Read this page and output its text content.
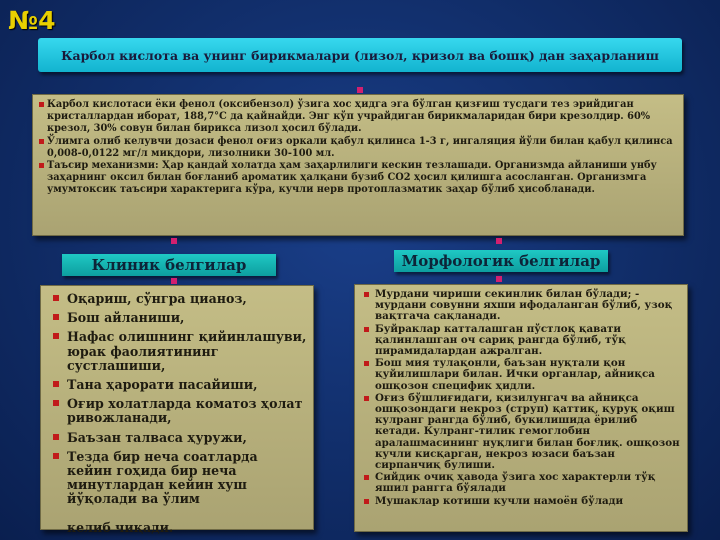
№4
Карбол кислота ва унинг бирикмалари (лизол, кризол ва бошқ) дан заҳарланиш
Карбол кислотаси ёки фенол (оксибензол) ўзига хос ҳидга эга бўлган қизғиш тусдаги тез эрийдиган кристаллардан иборат, 188,7°С да қайнайди. Энг кўп учрайдиган бирикмаларидан бири крезолдир. 60% крезол, 30% совун билан бирикса лизол ҳосил бўлади.
Ўлимга олиб келувчи дозаси фенол оғиз оркали қабул қилинса 1-3 г, ингаляция йўли билан қабул қилинса 0,008-0,0122 мг/л миқдори, лизолники 30-100 мл.
Таъсир механизми: Ҳар қандай холатда ҳам заҳарлилиги кескин тезлашади. Организмда айланиши унбу заҳарнинг оксил билан боғланиб ароматик ҳалқани бузиб СО2 ҳосил қилишга асосланган. Организмга умумтоксик таъсири характерига кўра, кучли нерв протоплазматик заҳар бўлиб ҳисобланади.
Клиник белгилар	Морфологик белгилар
Оқариш, сўнгра цианоз,
Бош айланиши,
Нафас олишнинг қийинлашуви, юрак фаолиятининг сустлашиши,
Тана ҳарорати пасайиши,
Оғир холатларда коматоз ҳолат ривожланади,
Баъзан талваса ҳуружи,
Тезда бир неча соатларда кейин гоҳида бир неча минутлардан кейин хуш йўқолади ва ўлим

келиб чиқади.
Мурдани чириши секинлик билан бўлади; - мурдани совунни яхши ифодаланган бўлиб, узоқ вақтгача сақланади.
Буйраклар катталашган пўстлоқ қавати қалинлашган оч сариқ рангда бўлиб, тўқ пирамидалардан ажралган.
Бош мия тулақонли, баъзан нуқтали қон қуйилишлари билан. Ички органлар, айниқса ошқозон специфик ҳидли.
Оғиз бўшлиғидаги, қизилунгач ва айниқса ошқозондаги некроз (струп) қаттиқ, қуруқ оқиш кулранг рангда бўлиб, букилишида ёрилиб кетади. Кулранг-тилик гемоглобин аралашмасининг нуқлиги билан боғлиқ. ошқозон кучли кисқарган, некроз юзаси баъзан сирпанчиқ булиши.
Сийдик очиқ ҳаводa ўзига хос характерли тўқ яшил рангга бўялади
Мушаклар котиши кучли намоён бўлади
